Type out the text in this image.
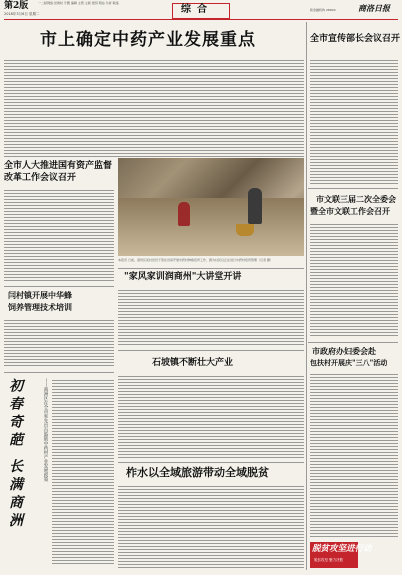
第2版	一二版网络·党建时 专题 编辑 主管 主版 组织 网站 分析 联络
2018年3月6日 星期二	综合	新金融机构 28000	商洛日报
市上确定中药产业发展重点	全市宣传部长会议召开
市文联三届二次全委会
暨全市文联工作会召开
全市人大推进国有资产监督改革工作会议召开
本报讯 日前，商州区某村党员干部在田间开展中药材种植培育工作，图为村民们正在进行中药材培育管理（记者 摄）
闫村镇开展中华蜂
饲养管理技术培训
"家风家训润商州"大讲堂开讲
市政府办妇委会赴
包扶村开展庆"三八"活动
石坡镇不断壮大产业
初春奇葩 长满商洲	——商洲区在全市率先出台鼓励中药材产业发展政策	柞水以全域旅游带动全域脱贫
脱贫攻坚进行动
脱贫攻坚 聚力决胜
